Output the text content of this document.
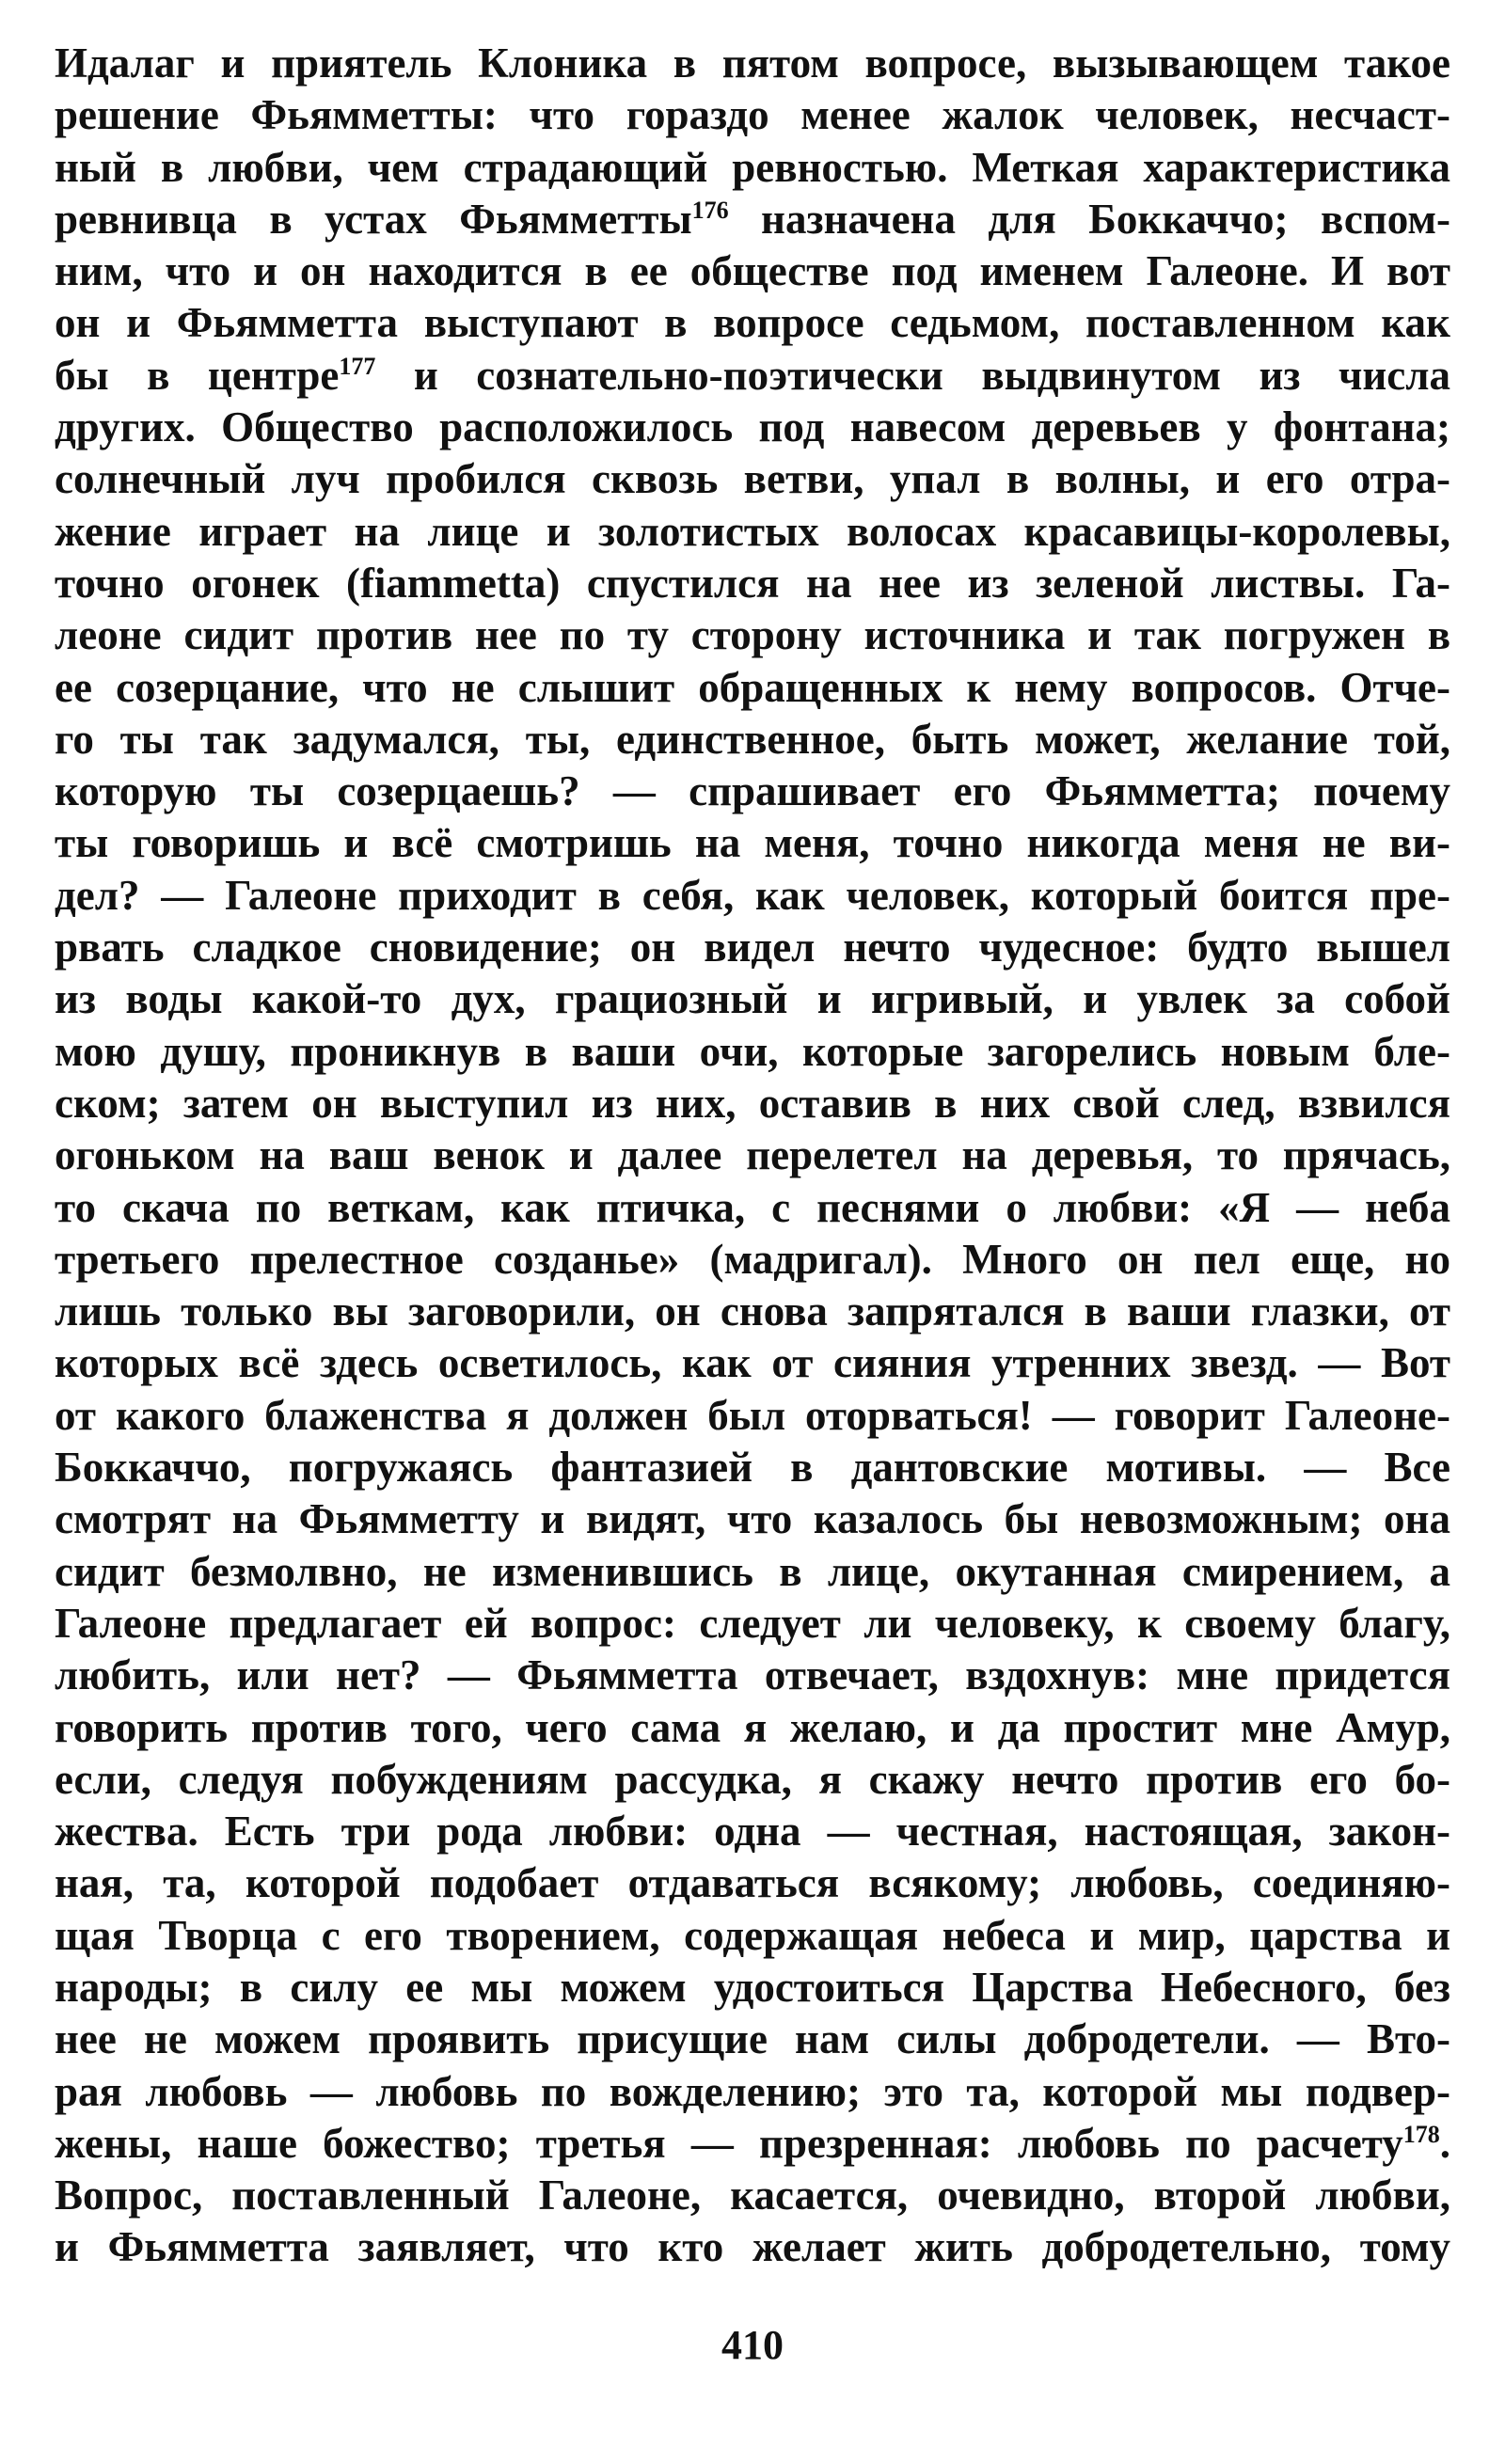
Идалаг и приятель Клоника в пятом вопросе, вызывающем такое
решение Фьямметты: что гораздо менее жалок человек, несчаст-
ный в любви, чем страдающий ревностью. Меткая характеристика
ревнивца в устах Фьямметты$^{176}$ назначена для Боккаччо; вспом-
ним, что и он находится в ее обществе под именем Галеоне. И вот
он и Фьямметта выступают в вопросе седьмом, поставленном как
бы в центре$^{177}$ и сознательно-поэтически выдвинутом из числа
других. Общество расположилось под навесом деревьев у фонтана;
солнечный луч пробился сквозь ветви, упал в волны, и его отра-
жение играет на лице и золотистых волосах красавицы-королевы,
точно огонек (fiammetta) спустился на нее из зеленой листвы. Га-
леоне сидит против нее по ту сторону источника и так погружен в
ее созерцание, что не слышит обращенных к нему вопросов. Отче-
го ты так задумался, ты, единственное, быть может, желание той,
которую ты созерцаешь? — спрашивает его Фьямметта; почему
ты говоришь и всё смотришь на меня, точно никогда меня не ви-
дел? — Галеоне приходит в себя, как человек, который боится пре-
рвать сладкое сновидение; он видел нечто чудесное: будто вышел
из воды какой-то дух, грациозный и игривый, и увлек за собой
мою душу, проникнув в ваши очи, которые загорелись новым бле-
ском; затем он выступил из них, оставив в них свой след, взвился
огоньком на ваш венок и далее перелетел на деревья, то прячась,
то скача по веткам, как птичка, с песнями о любви: «Я — неба
третьего прелестное созданье» (мадригал). Много он пел еще, но
лишь только вы заговорили, он снова запрятался в ваши глазки, от
которых всё здесь осветилось, как от сияния утренних звезд. — Вот
от какого блаженства я должен был оторваться! — говорит Галеоне-
Боккаччо, погружаясь фантазией в дантовские мотивы. — Все
смотрят на Фьямметту и видят, что казалось бы невозможным; она
сидит безмолвно, не изменившись в лице, окутанная смирением, а
Галеоне предлагает ей вопрос: следует ли человеку, к своему благу,
любить, или нет? — Фьямметта отвечает, вздохнув: мне придется
говорить против того, чего сама я желаю, и да простит мне Амур,
если, следуя побуждениям рассудка, я скажу нечто против его бо-
жества. Есть три рода любви: одна — честная, настоящая, закон-
ная, та, которой подобает отдаваться всякому; любовь, соединяю-
щая Творца с его творением, содержащая небеса и мир, царства и
народы; в силу ее мы можем удостоиться Царства Небесного, без
нее не можем проявить присущие нам силы добродетели. — Вто-
рая любовь — любовь по вожделению; это та, которой мы подвер-
жены, наше божество; третья — презренная: любовь по расчету$^{178}$.
Вопрос, поставленный Галеоне, касается, очевидно, второй любви,
и Фьямметта заявляет, что кто желает жить добродетельно, тому
410
